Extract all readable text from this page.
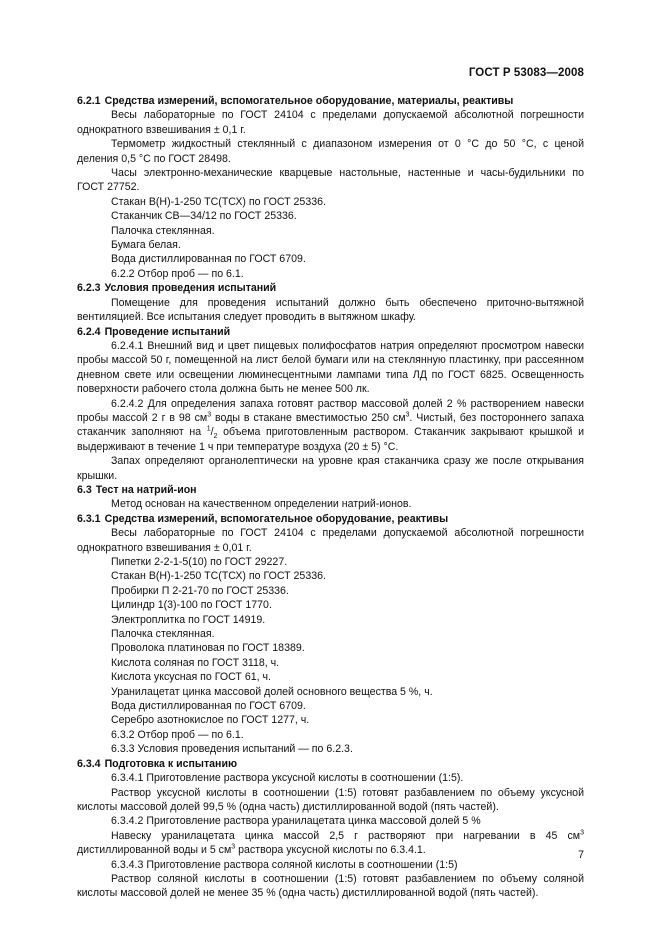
ГОСТ Р 53083—2008
6.2.1 Средства измерений, вспомогательное оборудование, материалы, реактивы
Весы лабораторные по ГОСТ 24104 с пределами допускаемой абсолютной погрешности однократного взвешивания ± 0,1 г.
Термометр жидкостный стеклянный с диапазоном измерения от 0 °С до 50 °С, с ценой деления 0,5 °С по ГОСТ 28498.
Часы электронно-механические кварцевые настольные, настенные и часы-будильники по ГОСТ 27752.
Стакан В(Н)-1-250 ТС(ТСХ) по ГОСТ 25336.
Стаканчик СВ—34/12 по ГОСТ 25336.
Палочка стеклянная.
Бумага белая.
Вода дистиллированная по ГОСТ 6709.
6.2.2 Отбор проб — по 6.1.
6.2.3 Условия проведения испытаний
Помещение для проведения испытаний должно быть обеспечено приточно-вытяжной вентиляцией. Все испытания следует проводить в вытяжном шкафу.
6.2.4 Проведение испытаний
6.2.4.1 Внешний вид и цвет пищевых полифосфатов натрия определяют просмотром навески пробы массой 50 г, помещенной на лист белой бумаги или на стеклянную пластинку, при рассеянном дневном свете или освещении люминесцентными лампами типа ЛД по ГОСТ 6825. Освещенность поверхности рабочего стола должна быть не менее 500 лк.
6.2.4.2 Для определения запаха готовят раствор массовой долей 2 % растворением навески пробы массой 2 г в 98 $см^3$ воды в стакане вместимостью 250 $см^3$. Чистый, без постороннего запаха стаканчик заполняют на $^1/_2$ объема приготовленным раствором. Стаканчик закрывают крышкой и выдерживают в течение 1 ч при температуре воздуха (20 ± 5) °С.
Запах определяют органолептически на уровне края стаканчика сразу же после открывания крышки.
6.3 Тест на натрий-ион
Метод основан на качественном определении натрий-ионов.
6.3.1 Средства измерений, вспомогательное оборудование, реактивы
Весы лабораторные по ГОСТ 24104 с пределами допускаемой абсолютной погрешности однократного взвешивания ± 0,01 г.
Пипетки 2-2-1-5(10) по ГОСТ 29227.
Стакан В(Н)-1-250 ТС(ТСХ) по ГОСТ 25336.
Пробирки П 2-21-70 по ГОСТ 25336.
Цилиндр 1(3)-100 по ГОСТ 1770.
Электроплитка по ГОСТ 14919.
Палочка стеклянная.
Проволока платиновая по ГОСТ 18389.
Кислота соляная по ГОСТ 3118, ч.
Кислота уксусная по ГОСТ 61, ч.
Уранилацетат цинка массовой долей основного вещества 5 %, ч.
Вода дистиллированная по ГОСТ 6709.
Серебро азотнокислое по ГОСТ 1277, ч.
6.3.2 Отбор проб — по 6.1.
6.3.3 Условия проведения испытаний — по 6.2.3.
6.3.4 Подготовка к испытанию
6.3.4.1 Приготовление раствора уксусной кислоты в соотношении (1:5).
Раствор уксусной кислоты в соотношении (1:5) готовят разбавлением по объему уксусной кислоты массовой долей 99,5 % (одна часть) дистиллированной водой (пять частей).
6.3.4.2 Приготовление раствора уранилацетата цинка массовой долей 5 %
Навеску уранилацетата цинка массой 2,5 г растворяют при нагревании в 45 $см^3$ дистиллированной воды и 5 $см^3$ раствора уксусной кислоты по 6.3.4.1.
6.3.4.3 Приготовление раствора соляной кислоты в соотношении (1:5)
Раствор соляной кислоты в соотношении (1:5) готовят разбавлением по объему соляной кислоты массовой долей не менее 35 % (одна часть) дистиллированной водой (пять частей).
7
